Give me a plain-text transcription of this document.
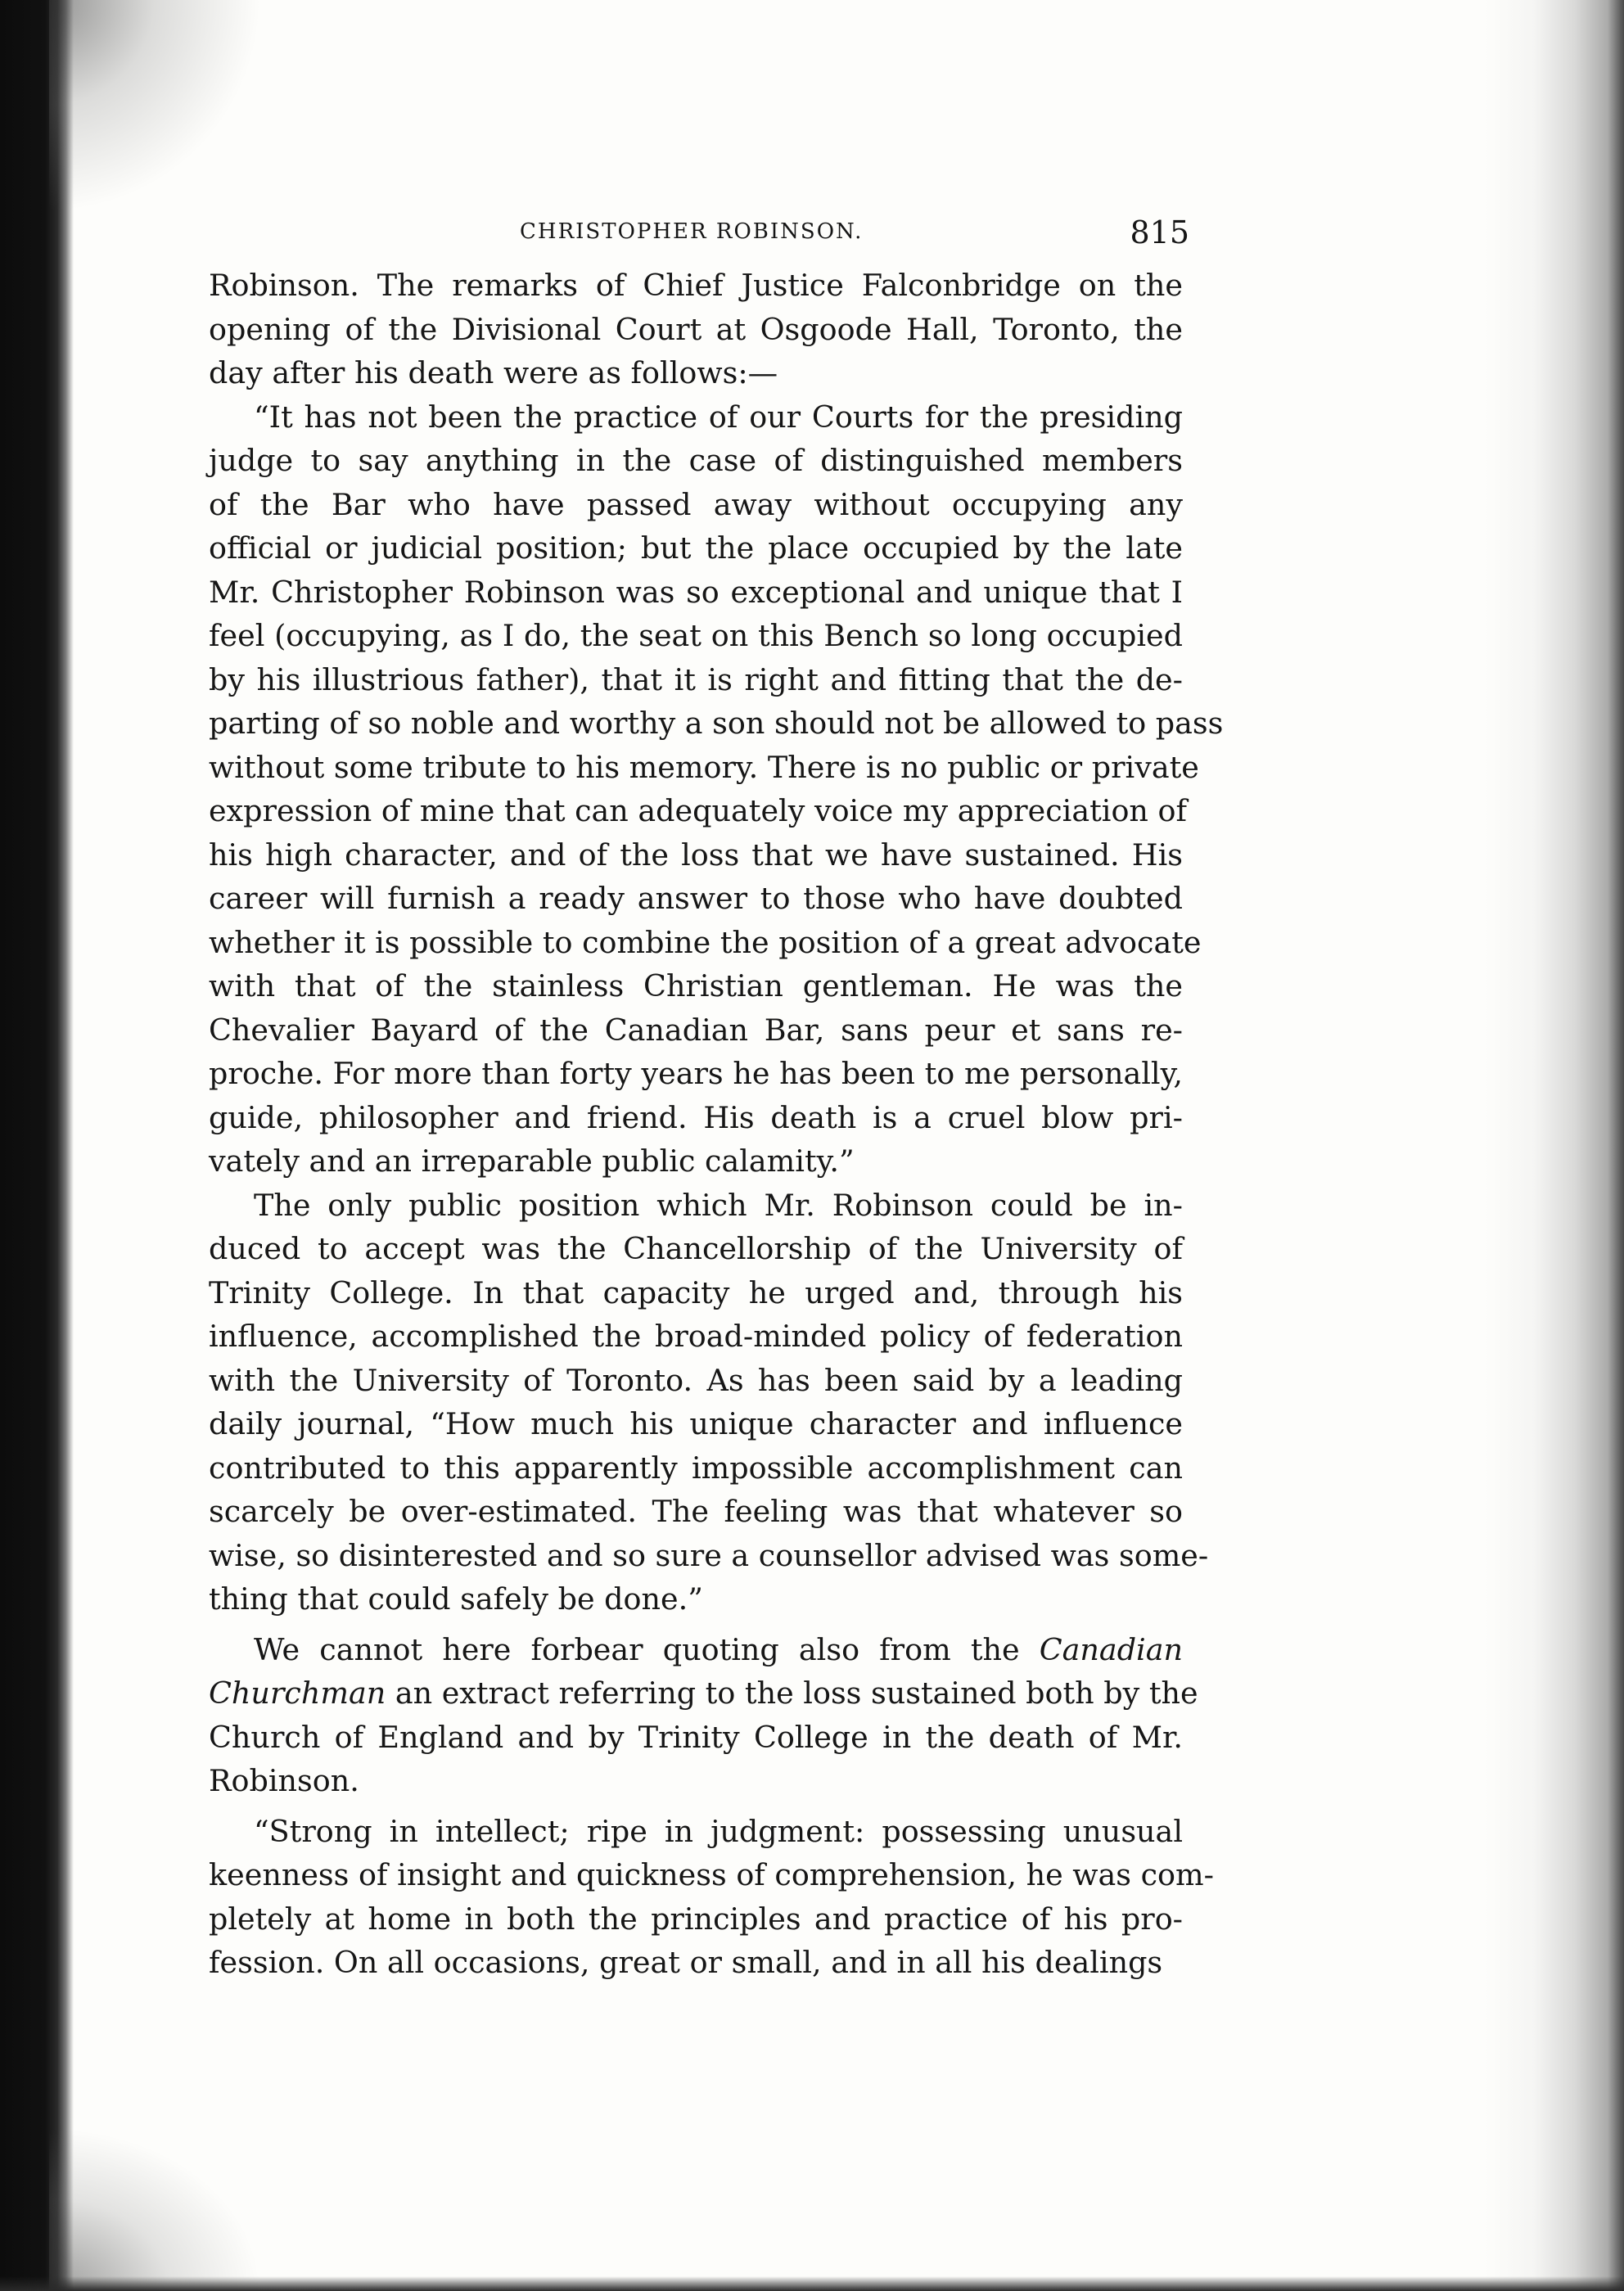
CHRISTOPHER ROBINSON.	815

Robinson. The remarks of Chief Justice Falconbridge on the
opening of the Divisional Court at Osgoode Hall, Toronto, the
day after his death were as follows:—

“It has not been the practice of our Courts for the presiding
judge to say anything in the case of distinguished members
of the Bar who have passed away without occupying any
official or judicial position; but the place occupied by the late
Mr. Christopher Robinson was so exceptional and unique that I
feel (occupying, as I do, the seat on this Bench so long occupied
by his illustrious father), that it is right and fitting that the de-
parting of so noble and worthy a son should not be allowed to pass
without some tribute to his memory. There is no public or private
expression of mine that can adequately voice my appreciation of
his high character, and of the loss that we have sustained. His
career will furnish a ready answer to those who have doubted
whether it is possible to combine the position of a great advocate
with that of the stainless Christian gentleman. He was the
Chevalier Bayard of the Canadian Bar, sans peur et sans re-
proche. For more than forty years he has been to me personally,
guide, philosopher and friend. His death is a cruel blow pri-
vately and an irreparable public calamity.”

The only public position which Mr. Robinson could be in-
duced to accept was the Chancellorship of the University of
Trinity College. In that capacity he urged and, through his
influence, accomplished the broad-minded policy of federation
with the University of Toronto. As has been said by a leading
daily journal, “How much his unique character and influence
contributed to this apparently impossible accomplishment can
scarcely be over-estimated. The feeling was that whatever so
wise, so disinterested and so sure a counsellor advised was some-
thing that could safely be done.”

We cannot here forbear quoting also from the Canadian
Churchman an extract referring to the loss sustained both by the
Church of England and by Trinity College in the death of Mr.
Robinson.

“Strong in intellect; ripe in judgment: possessing unusual
keenness of insight and quickness of comprehension, he was com-
pletely at home in both the principles and practice of his pro-
fession. On all occasions, great or small, and in all his dealings
